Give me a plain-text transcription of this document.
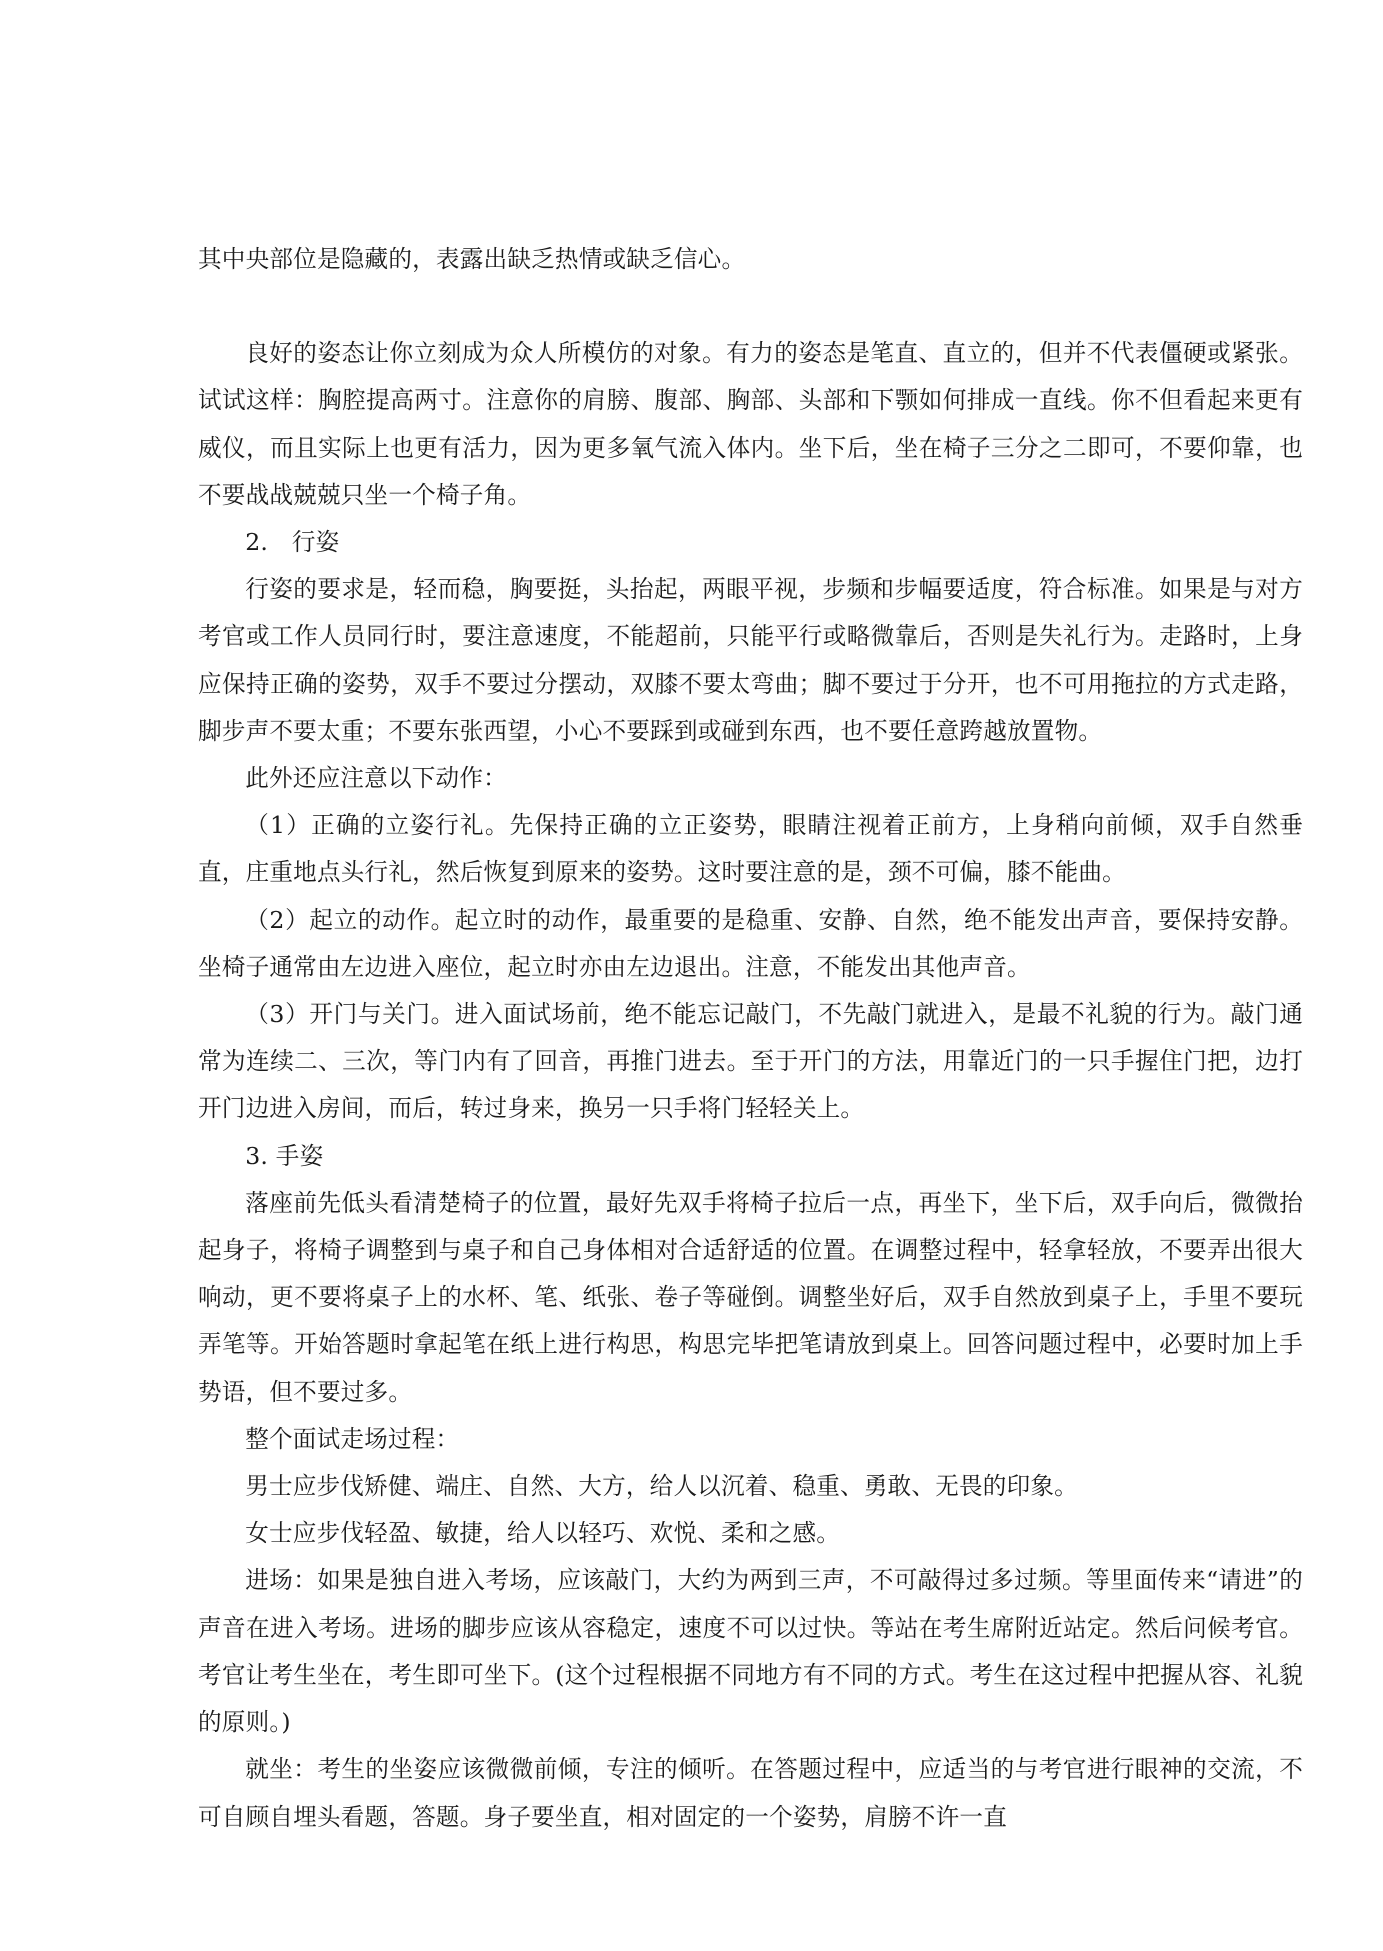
其中央部位是隐藏的，表露出缺乏热情或缺乏信心。

良好的姿态让你立刻成为众人所模仿的对象。有力的姿态是笔直、直立的，但并不代表僵硬或紧张。试试这样：胸腔提高两寸。注意你的肩膀、腹部、胸部、头部和下颚如何排成一直线。你不但看起来更有威仪，而且实际上也更有活力，因为更多氧气流入体内。坐下后，坐在椅子三分之二即可，不要仰靠，也不要战战兢兢只坐一个椅子角。

2.　行姿

行姿的要求是，轻而稳，胸要挺，头抬起，两眼平视，步频和步幅要适度，符合标准。如果是与对方考官或工作人员同行时，要注意速度，不能超前，只能平行或略微靠后，否则是失礼行为。走路时，上身应保持正确的姿势，双手不要过分摆动，双膝不要太弯曲；脚不要过于分开，也不可用拖拉的方式走路，脚步声不要太重；不要东张西望，小心不要踩到或碰到东西，也不要任意跨越放置物。

此外还应注意以下动作：

（1）正确的立姿行礼。先保持正确的立正姿势，眼睛注视着正前方，上身稍向前倾，双手自然垂直，庄重地点头行礼，然后恢复到原来的姿势。这时要注意的是，颈不可偏，膝不能曲。

（2）起立的动作。起立时的动作，最重要的是稳重、安静、自然，绝不能发出声音，要保持安静。坐椅子通常由左边进入座位，起立时亦由左边退出。注意，不能发出其他声音。

（3）开门与关门。进入面试场前，绝不能忘记敲门，不先敲门就进入，是最不礼貌的行为。敲门通常为连续二、三次，等门内有了回音，再推门进去。至于开门的方法，用靠近门的一只手握住门把，边打开门边进入房间，而后，转过身来，换另一只手将门轻轻关上。

3. 手姿

落座前先低头看清楚椅子的位置，最好先双手将椅子拉后一点，再坐下，坐下后，双手向后，微微抬起身子，将椅子调整到与桌子和自己身体相对合适舒适的位置。在调整过程中，轻拿轻放，不要弄出很大响动，更不要将桌子上的水杯、笔、纸张、卷子等碰倒。调整坐好后，双手自然放到桌子上，手里不要玩弄笔等。开始答题时拿起笔在纸上进行构思，构思完毕把笔请放到桌上。回答问题过程中，必要时加上手势语，但不要过多。

整个面试走场过程：

男士应步伐矫健、端庄、自然、大方，给人以沉着、稳重、勇敢、无畏的印象。

女士应步伐轻盈、敏捷，给人以轻巧、欢悦、柔和之感。

进场：如果是独自进入考场，应该敲门，大约为两到三声，不可敲得过多过频。等里面传来“请进”的声音在进入考场。进场的脚步应该从容稳定，速度不可以过快。等站在考生席附近站定。然后问候考官。考官让考生坐在，考生即可坐下。(这个过程根据不同地方有不同的方式。考生在这过程中把握从容、礼貌的原则。)

就坐：考生的坐姿应该微微前倾，专注的倾听。在答题过程中，应适当的与考官进行眼神的交流，不可自顾自埋头看题，答题。身子要坐直，相对固定的一个姿势，肩膀不许一直
